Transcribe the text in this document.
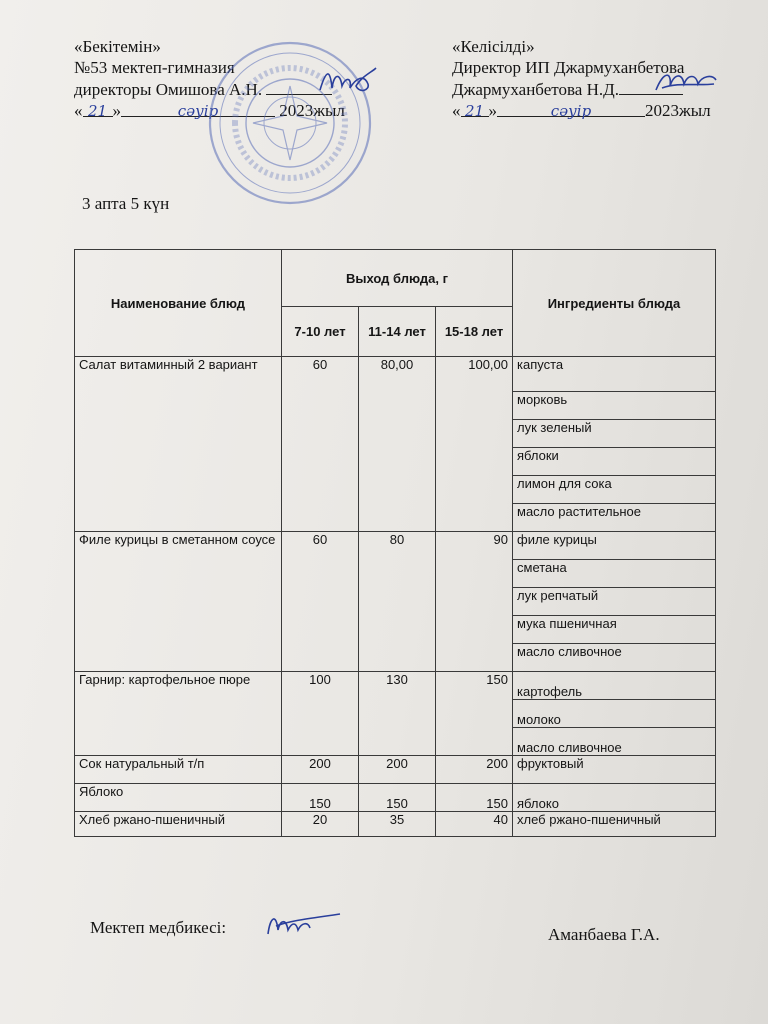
«Бекітемін»
№53 мектеп-гимназия
директоры Омишова А.Н.
« 21 »	сәуір	2023жыл
«Келісілді»
Директор ИП Джармуханбетова
Джармуханбетова Н.Д.
« 21 »	сәуір	2023жыл
3 апта 5 күн
Наименование блюд	Выход блюда, г			Ингредиенты блюда
	7-10 лет	11-14 лет	15-18 лет	
Салат витаминный 2 вариант	60	80,00	100,00	капуста
				морковь
				лук зеленый
				яблоки
				лимон для сока
				масло растительное
Филе курицы в сметанном соусе	60	80	90	филе курицы
				сметана
				лук репчатый
				мука пшеничная
				масло сливочное
Гарнир: картофельное пюре	100	130	150	картофель
				молоко
				масло сливочное
Сок натуральный т/п	200	200	200	фруктовый
Яблоко	150	150	150	яблоко
Хлеб ржано-пшеничный	20	35	40	хлеб ржано-пшеничный
Мектеп медбикесі:	Аманбаева Г.А.
